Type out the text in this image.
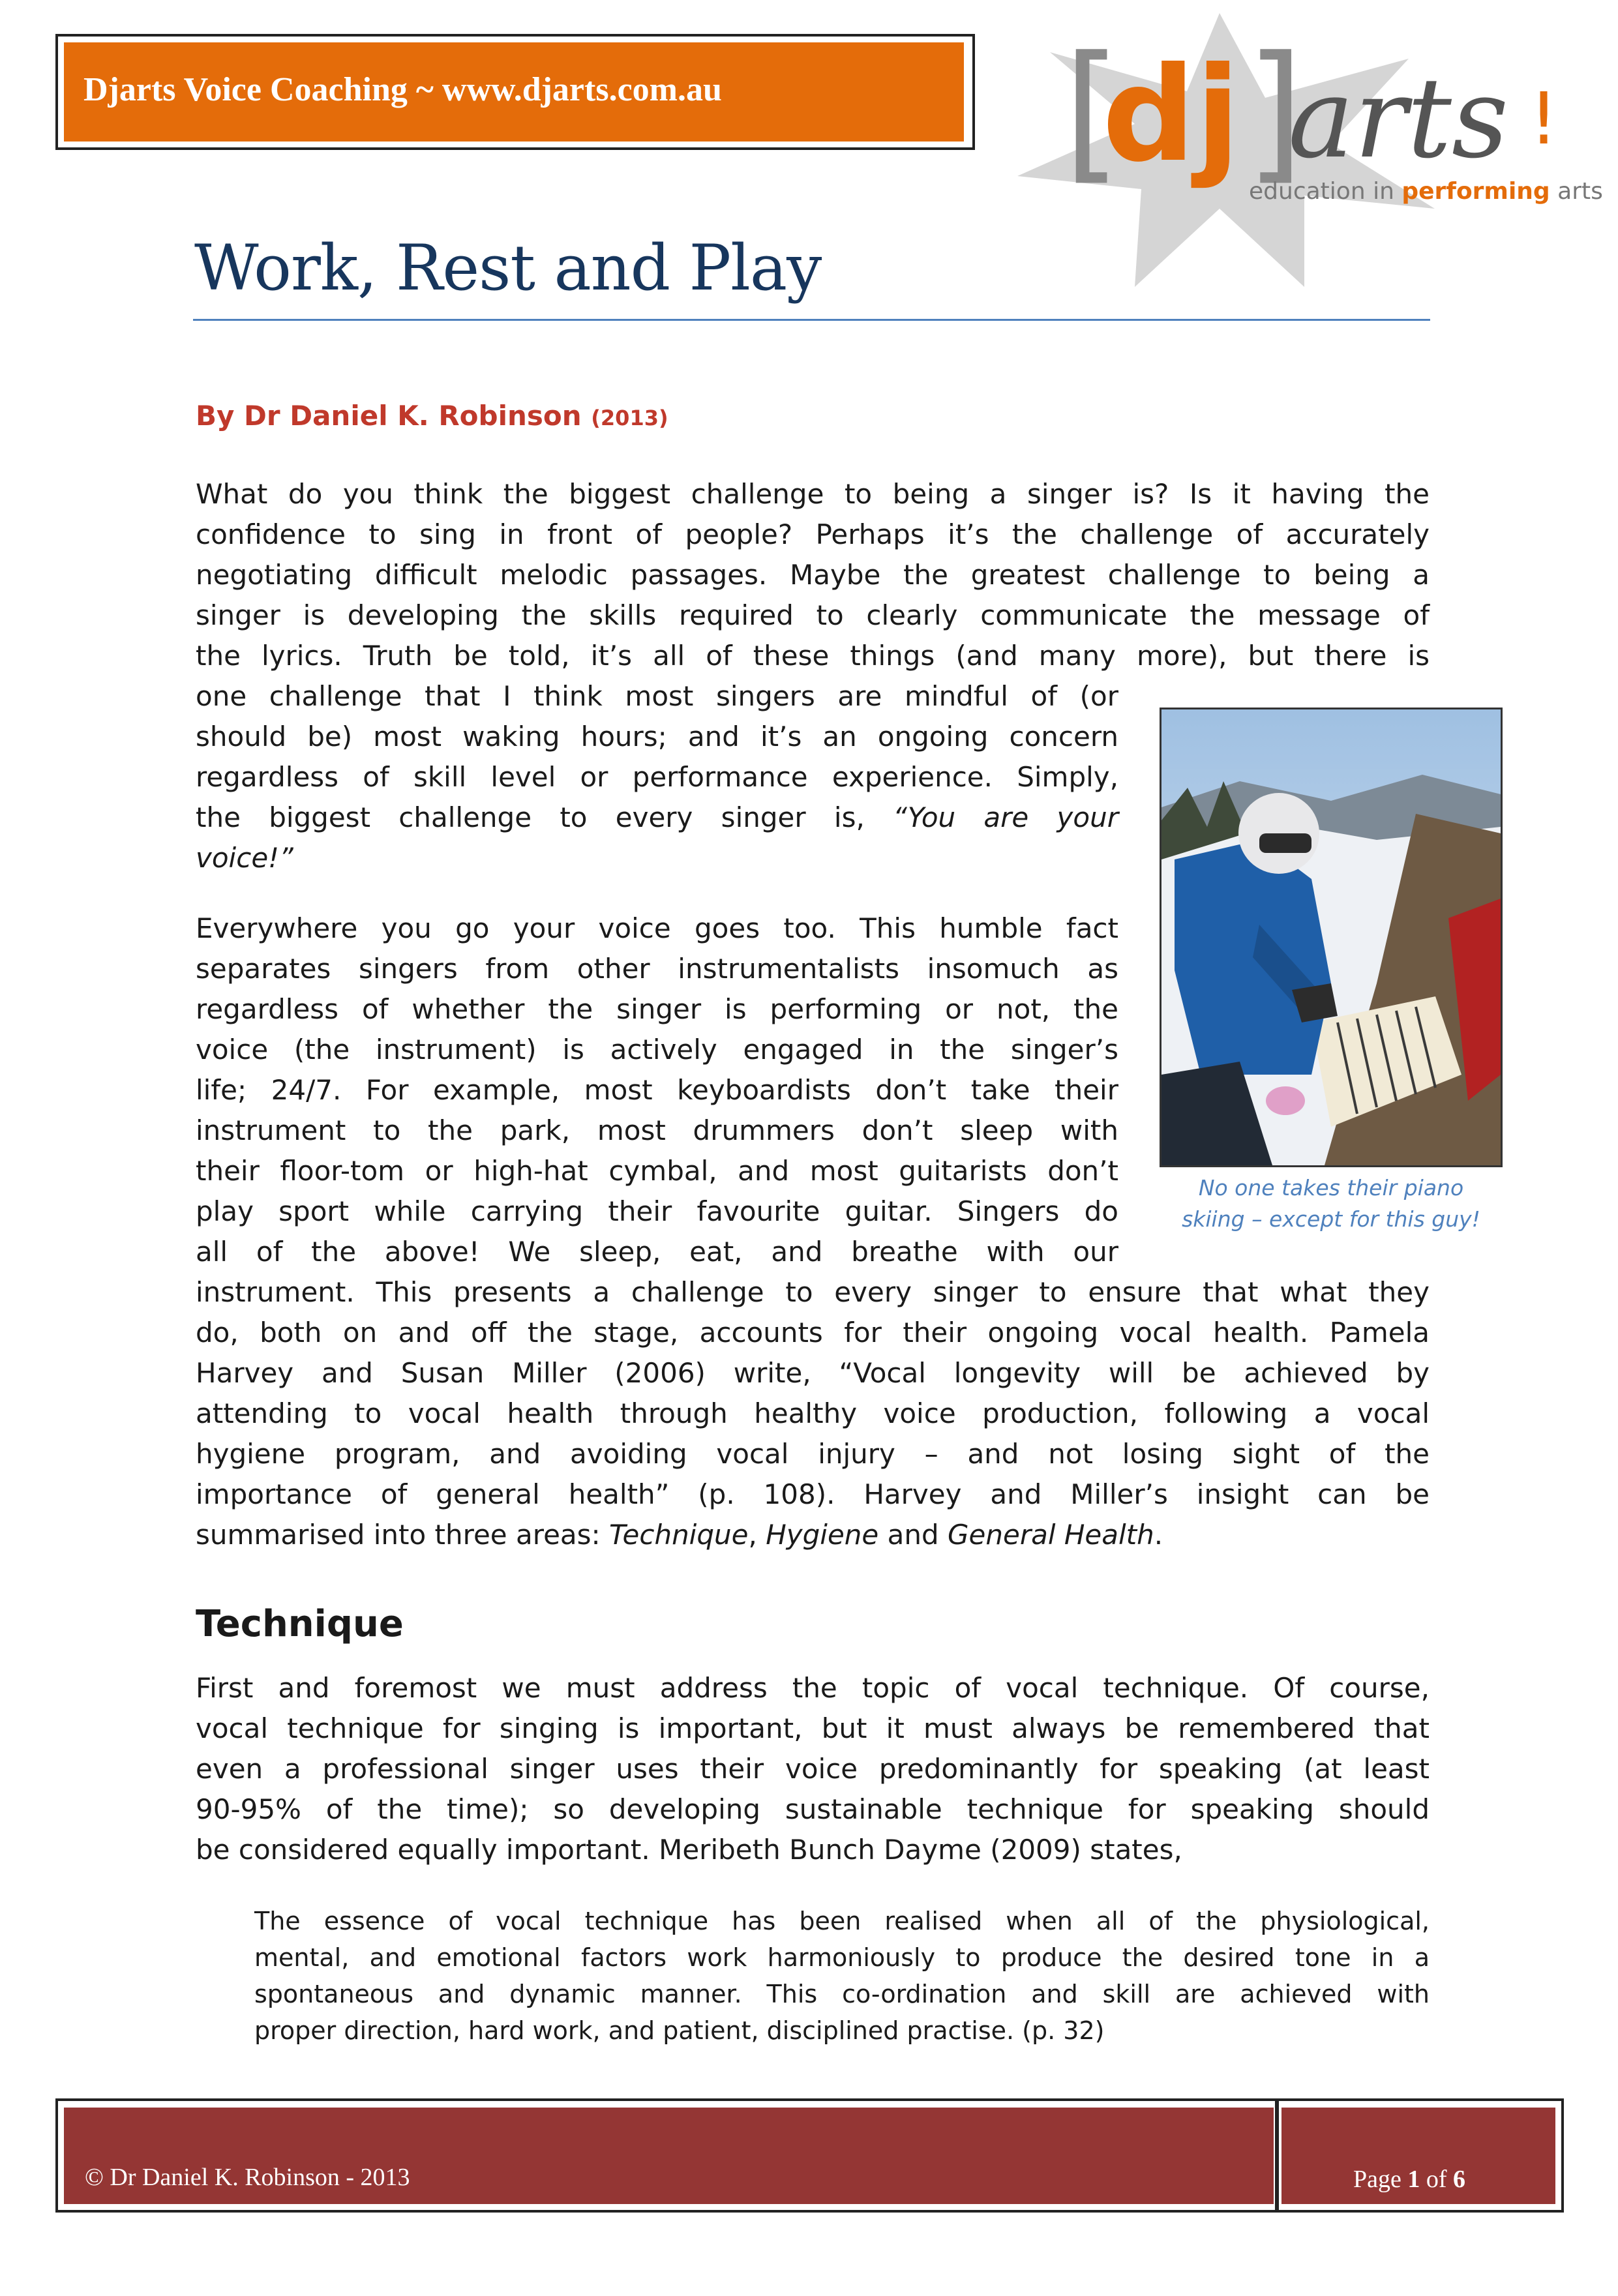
Djarts Voice Coaching ~ www.djarts.com.au [
dj ]
arts !
education in performing arts
Work, Rest and Play
By Dr Daniel K. Robinson (2013)
What do you think the biggest challenge to being a singer is? Is it having the
confidence to sing in front of people? Perhaps it’s the challenge of accurately
negotiating difficult melodic passages. Maybe the greatest challenge to being a
singer is developing the skills required to clearly communicate the message of
the lyrics. Truth be told, it’s all of these things (and many more), but there is
one challenge that I think most singers are mindful of (or
should be) most waking hours; and it’s an ongoing concern
regardless of skill level or performance experience. Simply,
the biggest challenge to every singer is, “You are your
voice!”
Everywhere you go your voice goes too. This humble fact
separates singers from other instrumentalists insomuch as
regardless of whether the singer is performing or not, the
voice (the instrument) is actively engaged in the singer’s
life; 24/7. For example, most keyboardists don’t take their
instrument to the park, most drummers don’t sleep with
their floor-tom or high-hat cymbal, and most guitarists don’t
play sport while carrying their favourite guitar. Singers do
all of the above! We sleep, eat, and breathe with our
instrument. This presents a challenge to every singer to ensure that what they
do, both on and off the stage, accounts for their ongoing vocal health. Pamela
Harvey and Susan Miller (2006) write, “Vocal longevity will be achieved by
attending to vocal health through healthy voice production, following a vocal
hygiene program, and avoiding vocal injury – and not losing sight of the
importance of general health” (p. 108). Harvey and Miller’s insight can be
summarised into three areas: Technique, Hygiene and General Health.
No one takes their piano
skiing – except for this guy!
Technique
First and foremost we must address the topic of vocal technique. Of course,
vocal technique for singing is important, but it must always be remembered that
even a professional singer uses their voice predominantly for speaking (at least
90-95% of the time); so developing sustainable technique for speaking should
be considered equally important. Meribeth Bunch Dayme (2009) states,
The essence of vocal technique has been realised when all of the physiological,
mental, and emotional factors work harmoniously to produce the desired tone in a
spontaneous and dynamic manner. This co-ordination and skill are achieved with
proper direction, hard work, and patient, disciplined practise. (p. 32)
© Dr Daniel K. Robinson - 2013	Page 1 of 6
